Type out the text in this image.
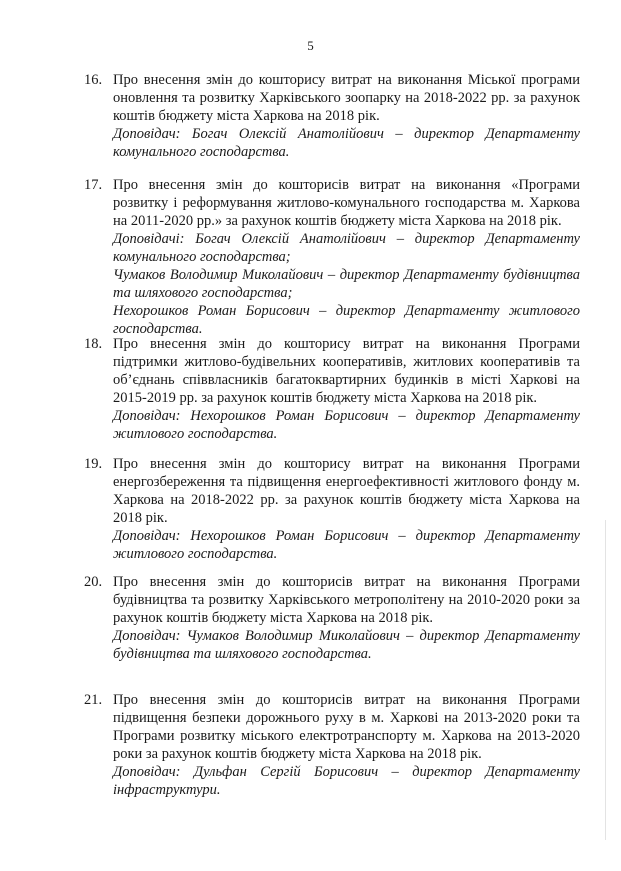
5
16. Про внесення змін до кошторису витрат на виконання Міської програми оновлення та розвитку Харківського зоопарку на 2018-2022 рр. за рахунок коштів бюджету міста Харкова на 2018 рік.
Доповідач: Богач Олексій Анатолійович – директор Департаменту комунального господарства.
17. Про внесення змін до кошторисів витрат на виконання «Програми розвитку і реформування житлово-комунального господарства м. Харкова на 2011-2020 рр.» за рахунок коштів бюджету міста Харкова на 2018 рік.
Доповідачі: Богач Олексій Анатолійович – директор Департаменту комунального господарства;
Чумаков Володимир Миколайович – директор Департаменту будівництва та шляхового господарства;
Нехорошков Роман Борисович – директор Департаменту житлового господарства.
18. Про внесення змін до кошторису витрат на виконання Програми підтримки житлово-будівельних кооперативів, житлових кооперативів та об’єднань співвласників багатоквартирних будинків в місті Харкові на 2015-2019 рр. за рахунок коштів бюджету міста Харкова на 2018 рік.
Доповідач: Нехорошков Роман Борисович – директор Департаменту житлового господарства.
19. Про внесення змін до кошторису витрат на виконання Програми енергозбереження та підвищення енергоефективності житлового фонду м. Харкова на 2018-2022 рр. за рахунок коштів бюджету міста Харкова на 2018 рік.
Доповідач: Нехорошков Роман Борисович – директор Департаменту житлового господарства.
20. Про внесення змін до кошторисів витрат на виконання Програми будівництва та розвитку Харківського метрополітену на 2010-2020 роки за рахунок коштів бюджету міста Харкова на 2018 рік.
Доповідач: Чумаков Володимир Миколайович – директор Департаменту будівництва та шляхового господарства.
21. Про внесення змін до кошторисів витрат на виконання Програми підвищення безпеки дорожнього руху в м. Харкові на 2013-2020 роки та Програми розвитку міського електротранспорту м. Харкова на 2013-2020 роки за рахунок коштів бюджету міста Харкова на 2018 рік.
Доповідач: Дульфан Сергій Борисович – директор Департаменту інфраструктури.
